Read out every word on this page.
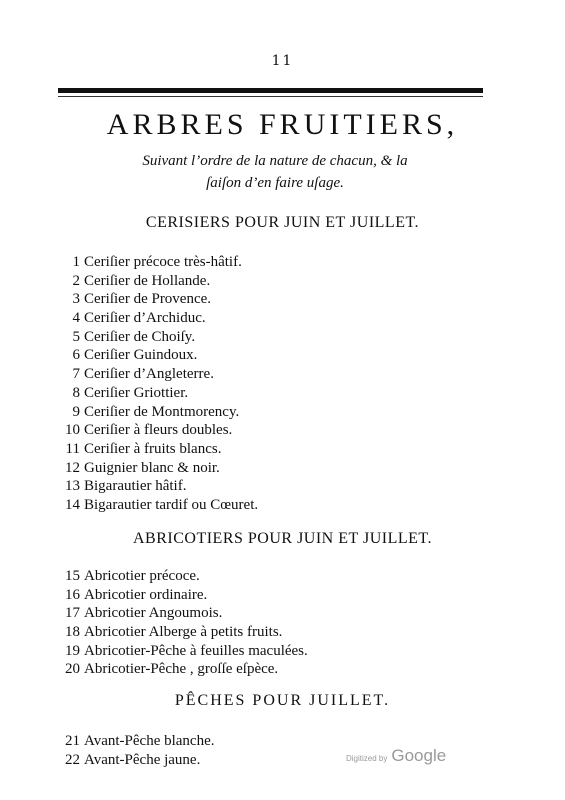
11
ARBRES FRUITIERS,
Suivant l’ordre de la nature de chacun, & la
ſaiſon d’en faire uſage.
CERISIERS POUR JUIN ET JUILLET.
1 Ceriſier précoce très-hâtif.
2 Ceriſier de Hollande.
3 Ceriſier de Provence.
4 Ceriſier d’Archiduc.
5 Ceriſier de Choiſy.
6 Ceriſier Guindoux.
7 Ceriſier d’Angleterre.
8 Ceriſier Griottier.
9 Ceriſier de Montmorency.
10 Ceriſier à fleurs doubles.
11 Ceriſier à fruits blancs.
12 Guignier blanc & noir.
13 Bigarautier hâtif.
14 Bigarautier tardif ou Cœuret.
ABRICOTIERS POUR JUIN ET JUILLET.
15 Abricotier précoce.
16 Abricotier ordinaire.
17 Abricotier Angoumois.
18 Abricotier Alberge à petits fruits.
19 Abricotier-Pêche à feuilles maculées.
20 Abricotier-Pêche , groſſe eſpèce.
PÊCHES POUR JUILLET.
21 Avant-Pêche blanche.
22 Avant-Pêche jaune.	Digitized by Google
